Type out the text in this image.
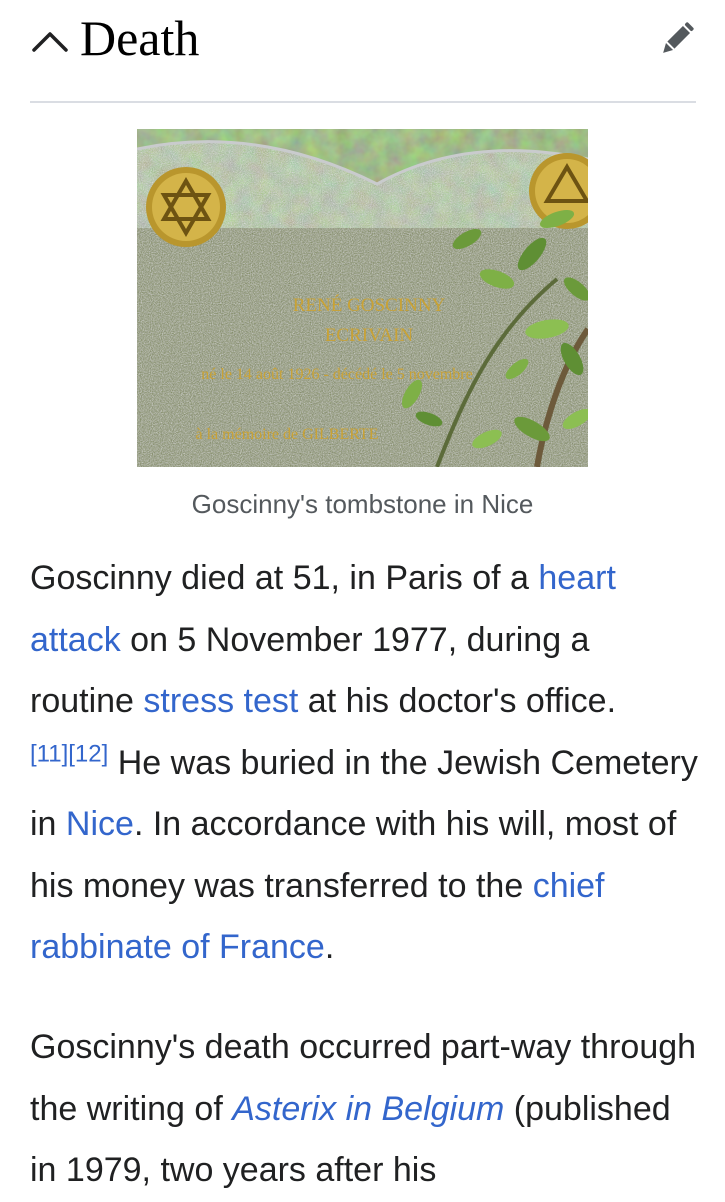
Death
RENÉ GOSCINNY
ECRIVAIN
né le 14 août 1926 - décédé le 5 novembre
à la mémoire de GILBERTE
Goscinny's tombstone in Nice
Goscinny died at 51, in Paris of a heart attack on 5 November 1977, during a routine stress test at his doctor's office.
[11][12] He was buried in the Jewish Cemetery in Nice. In accordance with his will, most of his money was transferred to the chief rabbinate of France.
Goscinny's death occurred part-way through the writing of Asterix in Belgium (published in 1979, two years after his
